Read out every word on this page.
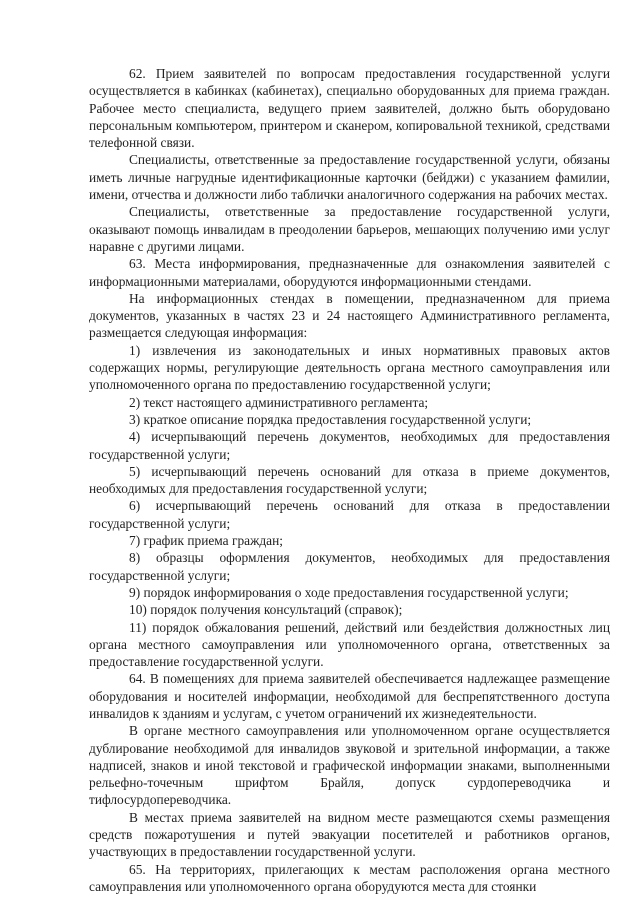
62. Прием заявителей по вопросам предоставления государственной услуги осуществляется в кабинках (кабинетах), специально оборудованных для приема граждан. Рабочее место специалиста, ведущего прием заявителей, должно быть оборудовано персональным компьютером, принтером и сканером, копировальной техникой, средствами телефонной связи.

Специалисты, ответственные за предоставление государственной услуги, обязаны иметь личные нагрудные идентификационные карточки (бейджи) с указанием фамилии, имени, отчества и должности либо таблички аналогичного содержания на рабочих местах.

Специалисты, ответственные за предоставление государственной услуги, оказывают помощь инвалидам в преодолении барьеров, мешающих получению ими услуг наравне с другими лицами.

63. Места информирования, предназначенные для ознакомления заявителей с информационными материалами, оборудуются информационными стендами.

На информационных стендах в помещении, предназначенном для приема документов, указанных в частях 23 и 24 настоящего Административного регламента, размещается следующая информация:

1) извлечения из законодательных и иных нормативных правовых актов содержащих нормы, регулирующие деятельность органа местного самоуправления или уполномоченного органа по предоставлению государственной услуги;

2) текст настоящего административного регламента;

3) краткое описание порядка предоставления государственной услуги;

4) исчерпывающий перечень документов, необходимых для предоставления государственной услуги;

5) исчерпывающий перечень оснований для отказа в приеме документов, необходимых для предоставления государственной услуги;

6) исчерпывающий перечень оснований для отказа в предоставлении государственной услуги;

7) график приема граждан;

8) образцы оформления документов, необходимых для предоставления государственной услуги;

9) порядок информирования о ходе предоставления государственной услуги;

10) порядок получения консультаций (справок);

11) порядок обжалования решений, действий или бездействия должностных лиц органа местного самоуправления или уполномоченного органа, ответственных за предоставление государственной услуги.

64. В помещениях для приема заявителей обеспечивается надлежащее размещение оборудования и носителей информации, необходимой для беспрепятственного доступа инвалидов к зданиям и услугам, с учетом ограничений их жизнедеятельности.

В органе местного самоуправления или уполномоченном органе осуществляется дублирование необходимой для инвалидов звуковой и зрительной информации, а также надписей, знаков и иной текстовой и графической информации знаками, выполненными рельефно-точечным шрифтом Брайля, допуск сурдопереводчика и тифлосурдопереводчика.

В местах приема заявителей на видном месте размещаются схемы размещения средств пожаротушения и путей эвакуации посетителей и работников органов, участвующих в предоставлении государственной услуги.

65. На территориях, прилегающих к местам расположения органа местного самоуправления или уполномоченного органа оборудуются места для стоянки
